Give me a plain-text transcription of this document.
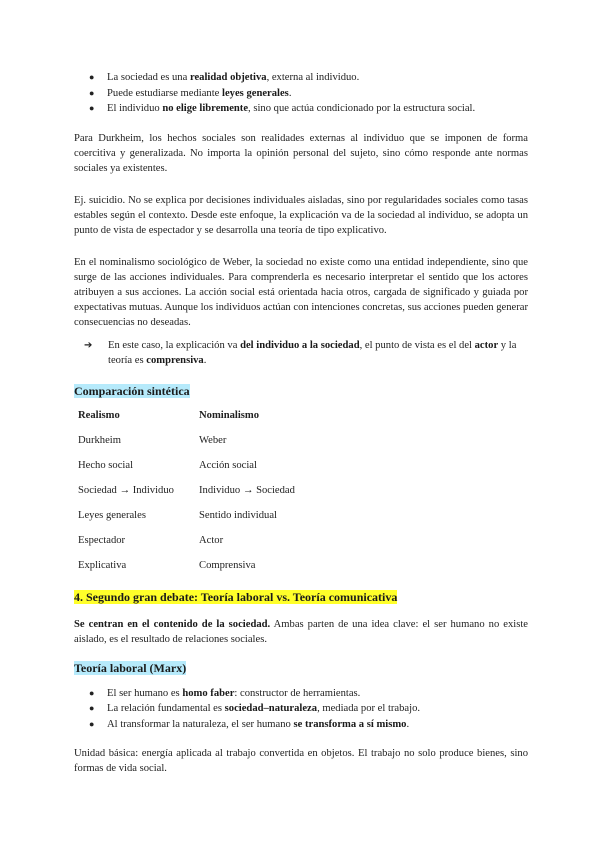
● La sociedad es una realidad objetiva, externa al individuo.
● Puede estudiarse mediante leyes generales.
● El individuo no elige libremente, sino que actúa condicionado por la estructura social.

Para Durkheim, los hechos sociales son realidades externas al individuo que se imponen de forma coercitiva y generalizada. No importa la opinión personal del sujeto, sino cómo responde ante normas sociales ya existentes.

Ej. suicidio. No se explica por decisiones individuales aisladas, sino por regularidades sociales como tasas estables según el contexto. Desde este enfoque, la explicación va de la sociedad al individuo, se adopta un punto de vista de espectador y se desarrolla una teoría de tipo explicativo.

En el nominalismo sociológico de Weber, la sociedad no existe como una entidad independiente, sino que surge de las acciones individuales. Para comprenderla es necesario interpretar el sentido que los actores atribuyen a sus acciones. La acción social está orientada hacia otros, cargada de significado y guiada por expectativas mutuas. Aunque los individuos actúan con intenciones concretas, sus acciones pueden generar consecuencias no deseadas.

➔ En este caso, la explicación va del individuo a la sociedad, el punto de vista es el del actor y la teoría es comprensiva.
Comparación sintética
Realismo	Nominalismo
Durkheim	Weber
Hecho social	Acción social
Sociedad → Individuo	Individuo → Sociedad
Leyes generales	Sentido individual
Espectador	Actor
Explicativa	Comprensiva
4. Segundo gran debate: Teoría laboral vs. Teoría comunicativa

Se centran en el contenido de la sociedad. Ambas parten de una idea clave: el ser humano no existe aislado, es el resultado de relaciones sociales.

Teoría laboral (Marx)
● El ser humano es homo faber: constructor de herramientas.
● La relación fundamental es sociedad–naturaleza, mediada por el trabajo.
● Al transformar la naturaleza, el ser humano se transforma a sí mismo.

Unidad básica: energía aplicada al trabajo convertida en objetos. El trabajo no solo produce bienes, sino formas de vida social.
